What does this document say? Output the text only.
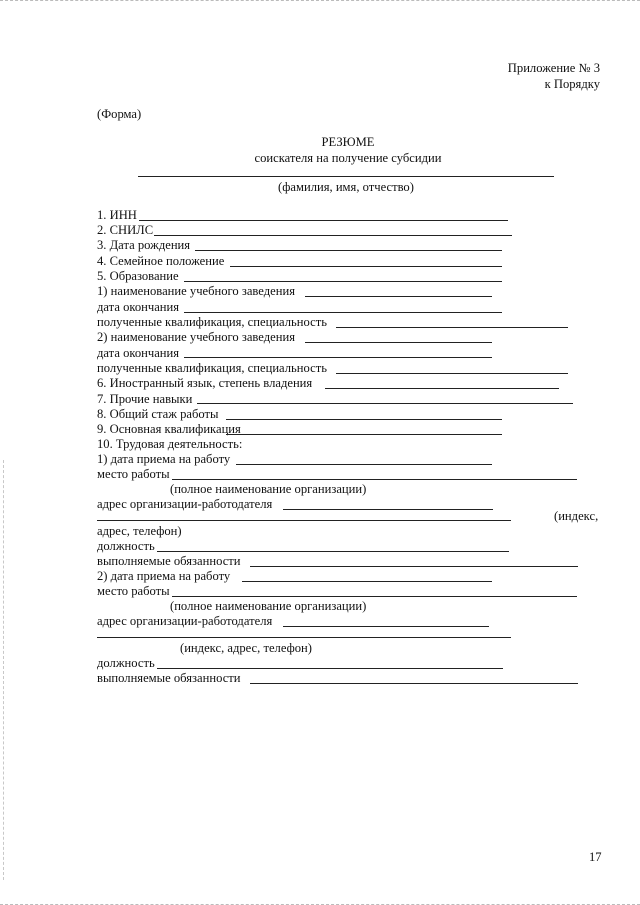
Приложение № 3
к Порядку
(Форма)
РЕЗЮМЕ
соискателя на получение субсидии
(фамилия, имя, отчество)
1. ИНН
2. СНИЛС
3. Дата рождения
4. Семейное положение
5. Образование
1) наименование учебного заведения
дата окончания
полученные квалификация, специальность
2) наименование учебного заведения
дата окончания
полученные квалификация, специальность
6. Иностранный язык, степень владения
7. Прочие навыки
8. Общий стаж работы
9. Основная квалификация
10. Трудовая деятельность:
1) дата приема на работу
место работы
(полное наименование организации)
адрес организации-работодателя
(индекс,
адрес, телефон)
должность
выполняемые обязанности
2) дата приема на работу
место работы
(полное наименование организации)
адрес организации-работодателя
(индекс, адрес, телефон)
должность
выполняемые обязанности
17
